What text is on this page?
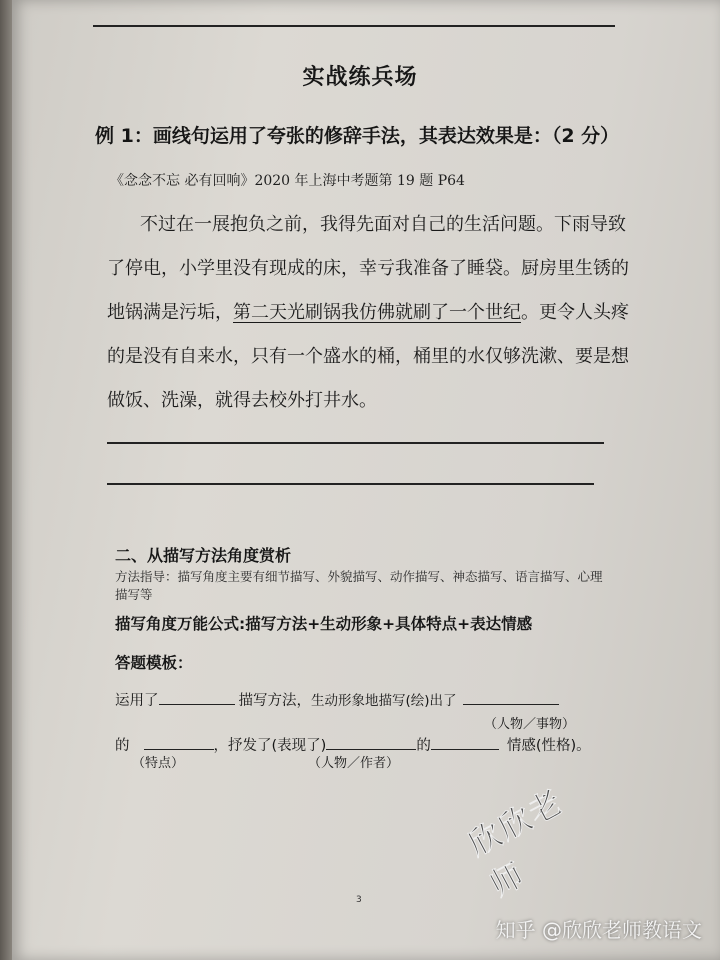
实战练兵场
例 1：画线句运用了夸张的修辞手法，其表达效果是：（2 分）
《念念不忘 必有回响》2020 年上海中考题第 19 题 P64
不过在一展抱负之前，我得先面对自己的生活问题。下雨导致
了停电，小学里没有现成的床，幸亏我准备了睡袋。厨房里生锈的
地锅满是污垢，第二天光刷锅我仿佛就刷了一个世纪。更令人头疼
的是没有自来水，只有一个盛水的桶，桶里的水仅够洗漱、要是想
做饭、洗澡，就得去校外打井水。
二、从描写方法角度赏析
方法指导：描写角度主要有细节描写、外貌描写、动作描写、神态描写、语言描写、心理描写等
描写角度万能公式:描写方法+生动形象+具体特点+表达情感
答题模板：
运用了	描写方法，生动形象地描写(绘)出了
（人物／事物）
的	，抒发了(表现了)	的	情感(性格)。
（特点）	（人物／作者）
欣欣老师
3
知乎 @欣欣老师教语文
